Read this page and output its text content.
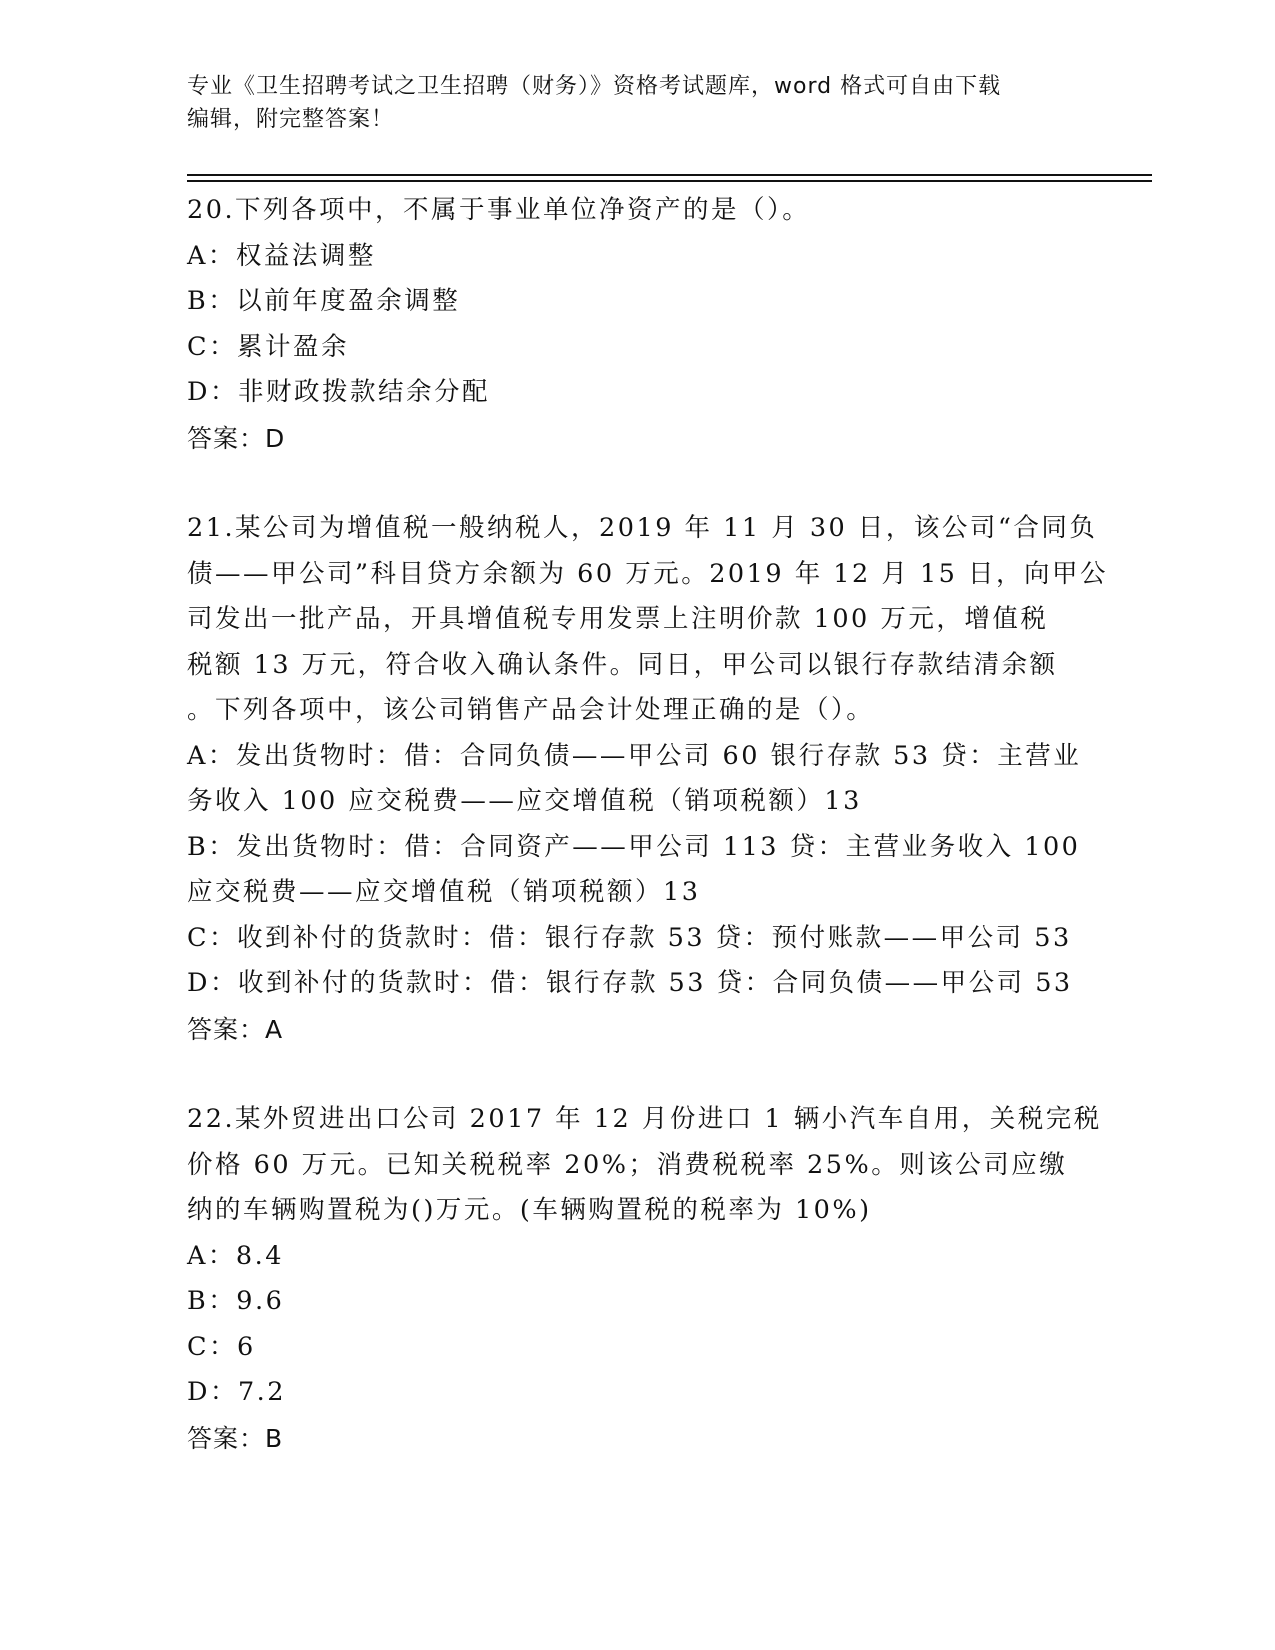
专业《卫生招聘考试之卫生招聘（财务）》资格考试题库，word 格式可自由下载
编辑，附完整答案！
20.下列各项中，不属于事业单位净资产的是（）。
A：权益法调整
B：以前年度盈余调整
C：累计盈余
D：非财政拨款结余分配
答案：D
21.某公司为增值税一般纳税人，2019 年 11 月 30 日，该公司“合同负
债——甲公司”科目贷方余额为 60 万元。2019 年 12 月 15 日，向甲公
司发出一批产品，开具增值税专用发票上注明价款 100 万元，增值税
税额 13 万元，符合收入确认条件。同日，甲公司以银行存款结清余额
。下列各项中，该公司销售产品会计处理正确的是（）。
A：发出货物时：借：合同负债——甲公司 60 银行存款 53 贷：主营业
务收入 100 应交税费——应交增值税（销项税额）13
B：发出货物时：借：合同资产——甲公司 113 贷：主营业务收入 100
应交税费——应交增值税（销项税额）13
C：收到补付的货款时：借：银行存款 53 贷：预付账款——甲公司 53
D：收到补付的货款时：借：银行存款 53 贷：合同负债——甲公司 53
答案：A
22.某外贸进出口公司 2017 年 12 月份进口 1 辆小汽车自用，关税完税
价格 60 万元。已知关税税率 20%；消费税税率 25%。则该公司应缴
纳的车辆购置税为()万元。(车辆购置税的税率为 10%)
A：8.4
B：9.6
C：6
D：7.2
答案：B
